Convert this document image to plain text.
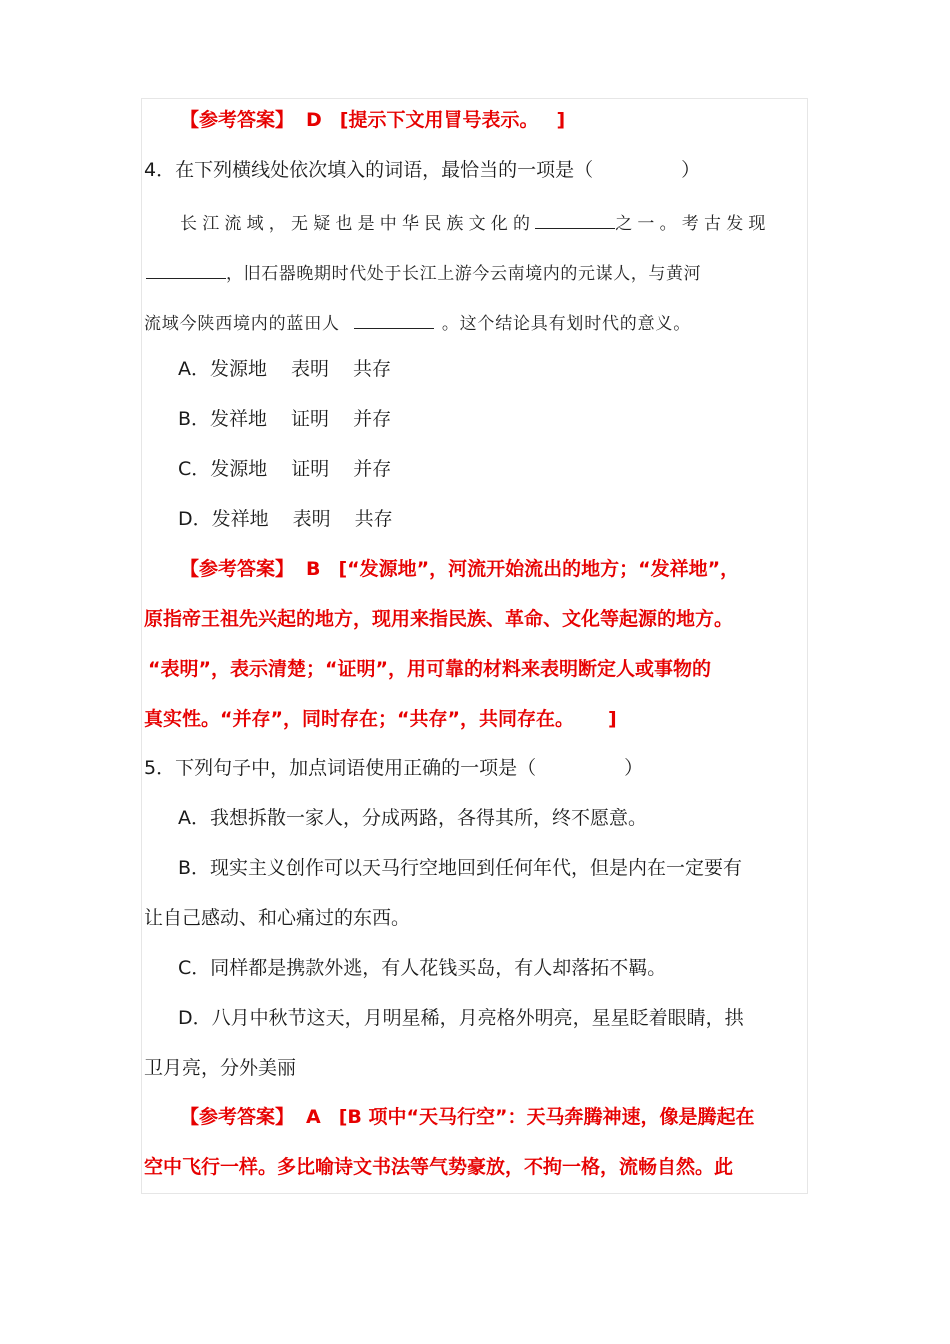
【参考答案】 D [提示下文用冒号表示。 ]
4．在下列横线处依次填入的词语，最恰当的一项是（	）
长江流域，无疑也是中华民族文化的	之一。考古发现
，旧石器晚期时代处于长江上游今云南境内的元谋人，与黄河
流域今陕西境内的蓝田人	。这个结论具有划时代的意义。
A．发源地 表明 共存
B．发祥地 证明 并存
C．发源地 证明 并存
D．发祥地 表明 共存
【参考答案】 B [“发源地”，河流开始流出的地方；“发祥地”，
原指帝王祖先兴起的地方，现用来指民族、革命、文化等起源的地方。
“表明”，表示清楚；“证明”，用可靠的材料来表明断定人或事物的
真实性。“并存”，同时存在；“共存”，共同存在。 ]
5．下列句子中，加点词语使用正确的一项是（	）
A．我想拆散一家人，分成两路，各得其所，终不愿意。
B．现实主义创作可以天马行空地回到任何年代，但是内在一定要有
让自己感动、和心痛过的东西。
C．同样都是携款外逃，有人花钱买岛，有人却落拓不羁。
D．八月中秋节这天，月明星稀，月亮格外明亮，星星眨着眼睛，拱
卫月亮，分外美丽
【参考答案】 A [B 项中“天马行空”：天马奔腾神速，像是腾起在
空中飞行一样。多比喻诗文书法等气势豪放，不拘一格，流畅自然。此
